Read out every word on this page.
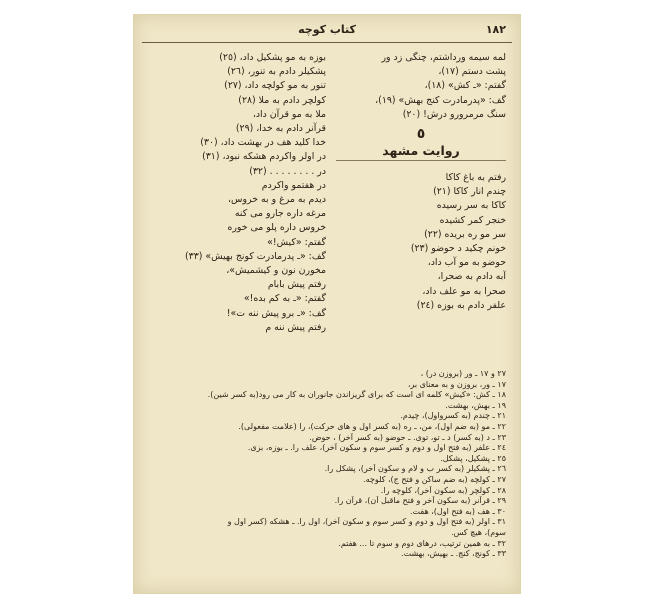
١٨٢
کتاب کوچه
لمه سیمه ورداشتم، چنگی زد ور
پشت دستم (١٧)،
گفتم: «ـ کش» (١٨)،
گف: «پدرمادرت کنج بهش» (١٩)،
سنگ مرمرورو درش! (٢٠)
٥
روایت مشهد
رفتم به باغ کاکا
چندم انار کاکا (٢١)
کاکا به سر رسیده
خنجر کمر کشیده
سر مو ره بریده (٢٢)
خونم چکید د حوضو (٢٣)
حوضو به مو آب داد،
آبه دادم به صحرا،
صحرا به مو علف داد،
علفر دادم به بوزه (٢٤)
بوزه به مو پشکیل داد، (٢٥)
پشکیلر دادم به تنور، (٢٦)
تنور به مو کولچه داد، (٢٧)
کولچر دادم به ملا (٢٨)
ملا به مو قرآن داد،
قرآنر دادم به خدا، (٢٩)
خدا کلید هف در بهشت داد، (٣٠)
در اولر واکردم هشکه نبود، (٣١)
در . . . . . . . . (٣٢)
در هفتمو واکردم
دیدم به مرغ و به خروس،
مرغه داره جارو می کنه
خروس داره پلو می خوره
گفتم: «کیش!»
گف: «ـ پدرمادرت کونج بهیش» (٣٣)
مخورن نون و کیشمیش»،
رفتم پیش بابام
گفتم: «ـ به کم بده!»
گف: «ـ برو پیش ننه ت»!
رفتم پیش ننه م
٢٧ و ١٧ ـ ور (بروزن در) ،
١٧ ـ ور، بروزن و به معنای بر،
١٨ ـ کش: «کیش» کلمه ای است که برای گریزاندن جانوران به کار می رود(به کسر شین).
١٩ ـ بهش، بهشت.
٢١ ـ چندم (به کسرواول)، چیدم.
٢٢ ـ مو (به ضم اول)، من، ـ ره (به کسر اول و های حرکت)، را (علامت مفعولی).
٢٣ ـ د (به کسر) د ـ تو، توی. ـ حوضو (به کسر آخر) ، حوض.
٢٤ ـ علفر (به فتح اول و دوم و کسر سوم و سکون آخر)، علف را. ـ بوزه، بزی.
٢٥ ـ پشکیل، پشکل.
٢٦ ـ پشکیلر (به کسر ب و لام و سکون آخر)، پشکل را.
٢٧ ـ کولچه (به ضم ساکن و فتح ج)، کلوچه.
٢٨ ـ کولچر (به سکون آخر)، کلوچه را.
٢٩ ـ قرآنر (به سکون آخر و فتح ماقبل آن)، قرآن را.
٣٠ ـ هف (به فتح اول)، هفت.
٣١ ـ اولر (به فتح اول و دوم و کسر سوم و سکون آخر)، اول را. ـ هشکه (کسر اول و
سوم)، هیچ کس.
٣٢ ـ به همین ترتیب، درهای دوم و سوم تا ... هفتم.
٣٣ ـ کونج، کنج. ـ بهیش، بهشت.
